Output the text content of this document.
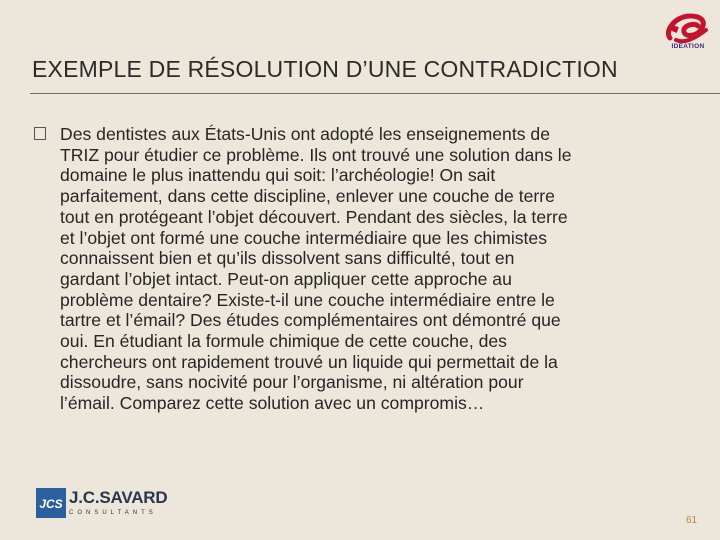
IDEATION
EXEMPLE DE RÉSOLUTION D’UNE CONTRADICTION
Des dentistes aux États-Unis ont adopté les enseignements de
TRIZ pour étudier ce problème. Ils ont trouvé une solution dans le
domaine le plus inattendu qui soit: l’archéologie! On sait
parfaitement, dans cette discipline, enlever une couche de terre
tout en protégeant l’objet découvert. Pendant des siècles, la terre
et l’objet ont formé une couche intermédiaire que les chimistes
connaissent bien et qu’ils dissolvent sans difficulté, tout en
gardant l’objet intact. Peut-on appliquer cette approche au
problème dentaire? Existe-t-il une couche intermédiaire entre le
tartre et l’émail? Des études complémentaires ont démontré que
oui. En étudiant la formule chimique de cette couche, des
chercheurs ont rapidement trouvé un liquide qui permettait de la
dissoudre, sans nocivité pour l’organisme, ni altération pour
l’émail. Comparez cette solution avec un compromis…
JCS J.C.SAVARD
CONSULTANTS
61
